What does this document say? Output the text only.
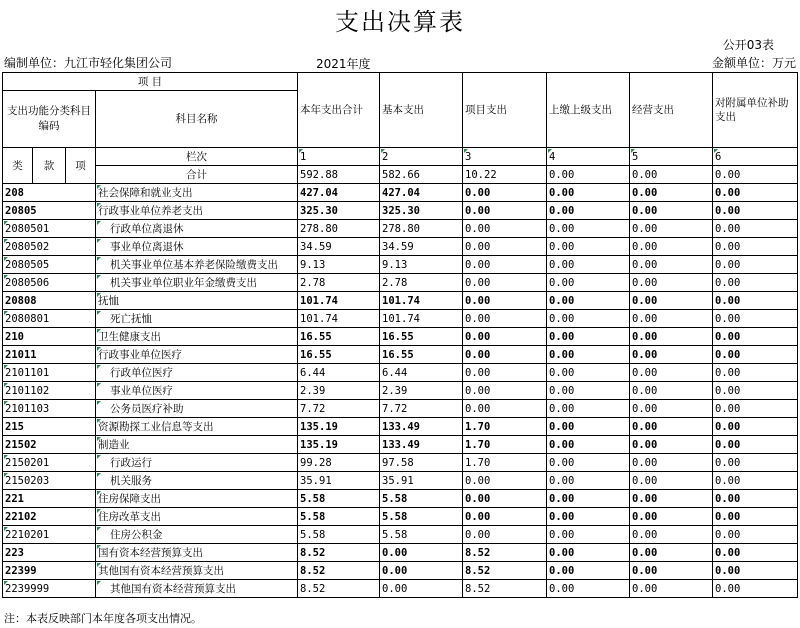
支出决算表
公开03表
编制单位：九江市轻化集团公司	2021年度	金额单位：万元
项 目				本年支出合计	基本支出	项目支出	上缴上级支出	经营支出	对附属单位补助支出
支出功能分类科目编码			科目名称						

类	款	项	栏次	1	2	3	4	5	6
			合计	592.88	582.66	10.22	0.00	0.00	0.00
208			社会保障和就业支出	427.04	427.04	0.00	0.00	0.00	0.00
20805			行政事业单位养老支出	325.30	325.30	0.00	0.00	0.00	0.00
2080501			行政单位离退休	278.80	278.80	0.00	0.00	0.00	0.00
2080502			事业单位离退休	34.59	34.59	0.00	0.00	0.00	0.00
2080505			机关事业单位基本养老保险缴费支出	9.13	9.13	0.00	0.00	0.00	0.00
2080506			机关事业单位职业年金缴费支出	2.78	2.78	0.00	0.00	0.00	0.00
20808			抚恤	101.74	101.74	0.00	0.00	0.00	0.00
2080801			死亡抚恤	101.74	101.74	0.00	0.00	0.00	0.00
210			卫生健康支出	16.55	16.55	0.00	0.00	0.00	0.00
21011			行政事业单位医疗	16.55	16.55	0.00	0.00	0.00	0.00
2101101			行政单位医疗	6.44	6.44	0.00	0.00	0.00	0.00
2101102			事业单位医疗	2.39	2.39	0.00	0.00	0.00	0.00
2101103			公务员医疗补助	7.72	7.72	0.00	0.00	0.00	0.00
215			资源勘探工业信息等支出	135.19	133.49	1.70	0.00	0.00	0.00
21502			制造业	135.19	133.49	1.70	0.00	0.00	0.00
2150201			行政运行	99.28	97.58	1.70	0.00	0.00	0.00
2150203			机关服务	35.91	35.91	0.00	0.00	0.00	0.00
221			住房保障支出	5.58	5.58	0.00	0.00	0.00	0.00
22102			住房改革支出	5.58	5.58	0.00	0.00	0.00	0.00
2210201			住房公积金	5.58	5.58	0.00	0.00	0.00	0.00
223			国有资本经营预算支出	8.52	0.00	8.52	0.00	0.00	0.00
22399			其他国有资本经营预算支出	8.52	0.00	8.52	0.00	0.00	0.00
2239999			其他国有资本经营预算支出	8.52	0.00	8.52	0.00	0.00	0.00
注：本表反映部门本年度各项支出情况。
